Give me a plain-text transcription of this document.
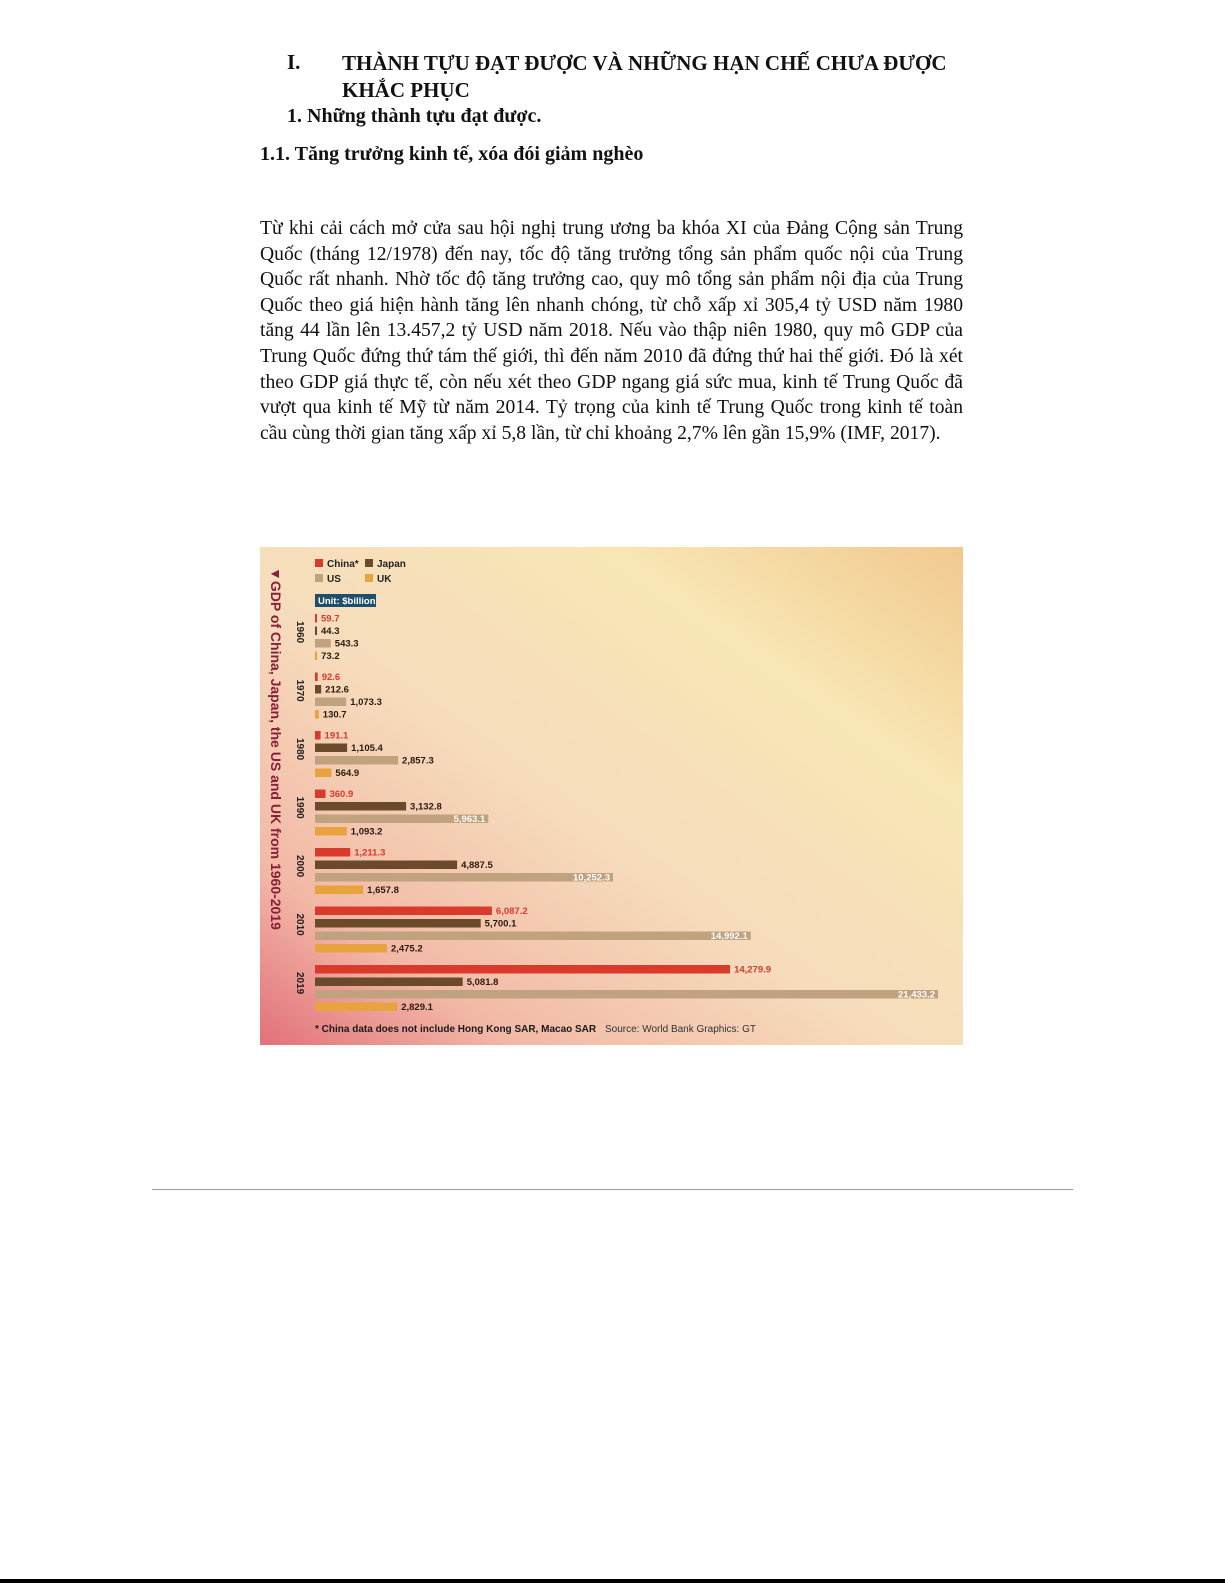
I. THÀNH TỰU ĐẠT ĐƯỢC VÀ NHỮNG HẠN CHẾ CHƯA ĐƯỢC KHẮC PHỤC
1. Những thành tựu đạt được.
1.1. Tăng trưởng kinh tế, xóa đói giảm nghèo

Từ khi cải cách mở cửa sau hội nghị trung ương ba khóa XI của Đảng Cộng sản Trung Quốc (tháng 12/1978) đến nay, tốc độ tăng trưởng tổng sản phẩm quốc nội của Trung Quốc rất nhanh. Nhờ tốc độ tăng trưởng cao, quy mô tổng sản phẩm nội địa của Trung Quốc theo giá hiện hành tăng lên nhanh chóng, từ chỗ xấp xỉ 305,4 tỷ USD năm 1980 tăng 44 lần lên 13.457,2 tỷ USD năm 2018. Nếu vào thập niên 1980, quy mô GDP của Trung Quốc đứng thứ tám thế giới, thì đến năm 2010 đã đứng thứ hai thế giới. Đó là xét theo GDP giá thực tế, còn nếu xét theo GDP ngang giá sức mua, kinh tế Trung Quốc đã vượt qua kinh tế Mỹ từ năm 2014. Tỷ trọng của kinh tế Trung Quốc trong kinh tế toàn cầu cùng thời gian tăng xấp xỉ 5,8 lần, từ chỉ khoảng 2,7% lên gần 15,9% (IMF, 2017).

▼GDP of China, Japan, the US and UK from 1960-2019
China* Japan
US	UK
Unit: $billion
1960
59.7
44.3
543.3
73.2
1970
92.6
212.6
1,073.3
130.7
1980
191.1
1,105.4
2,857.3
564.9
1990
360.9
3,132.8
5,963.1
1,093.2
2000
1,211.3
4,887.5
10,252.3
1,657.8
2010
6,087.2
5,700.1
14,992.1
2,475.2
2019
14,279.9
5,081.8
21,433.2
2,829.1
* China data does not include Hong Kong SAR, Macao SAR Source: World Bank Graphics: GT
